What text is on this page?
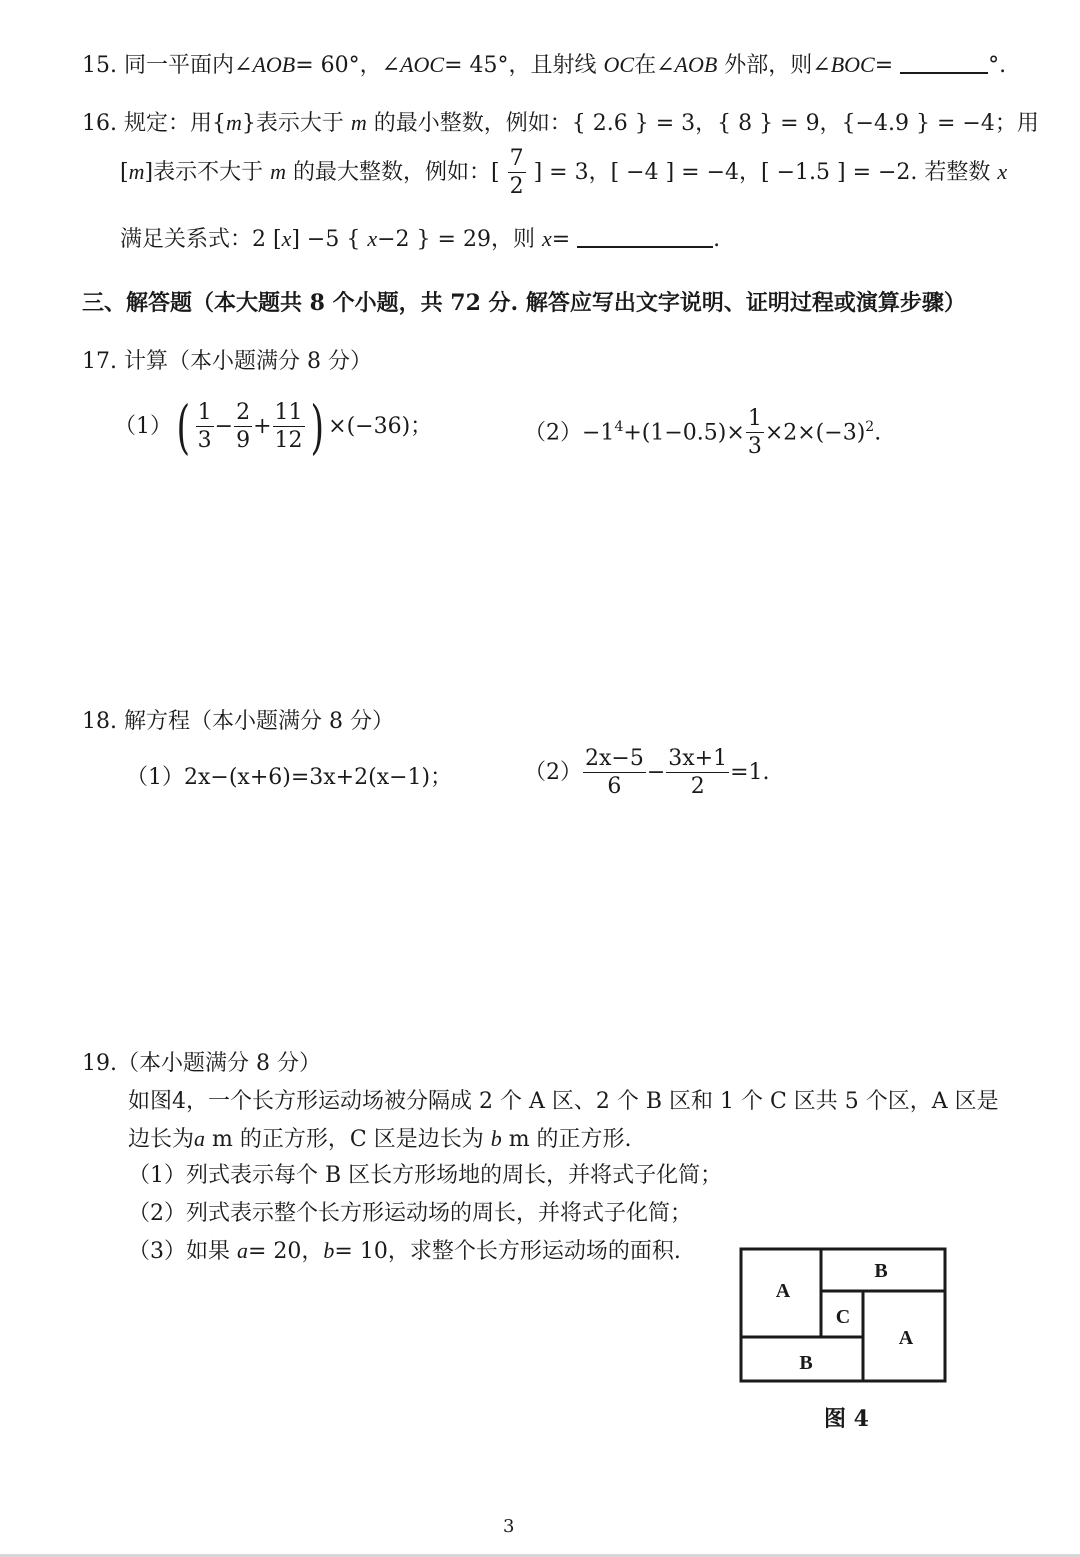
15. 同一平面内∠AOB= 60°，∠AOC= 45°，且射线 OC在∠AOB 外部，则∠BOC=	°.
16. 规定：用{m}表示大于 m 的最小整数，例如：{ 2.6 } = 3，{ 8 } = 9，{−4.9 } = −4；用
[m]表示不大于 m 的最大整数，例如：[ $\frac{7}{2}$ ] = 3，[ −4 ] = −4，[ −1.5 ] = −2. 若整数 x
满足关系式：2 [x] −5 { x−2 } = 29，则 x=	.
三、解答题（本大题共 8 个小题，共 72 分. 解答应写出文字说明、证明过程或演算步骤）
17. 计算（本小题满分 8 分）
$(1)( \frac{1}{3} - \frac{2}{9} + \frac{11}{12}$ ) ×(−36)；	$(2)-1^4+(1-0.5)\times \frac{1}{3} \times 2\times(-3)^2$.
18. 解方程（本小题满分 8 分）
（1）2x−(x+6)=3x+2(x−1)；	$(2) \frac{2x-5}{6} - \frac{3x+1}{2} =1$.
19.（本小题满分 8 分）
如图4，一个长方形运动场被分隔成 2 个 A 区、2 个 B 区和 1 个 C 区共 5 个区，A 区是
边长为a m 的正方形，C 区是边长为 b m 的正方形.
（1）列式表示每个 B 区长方形场地的周长，并将式子化简；
（2）列式表示整个长方形运动场的周长，并将式子化简；
（3）如果 a= 20，b= 10，求整个长方形运动场的面积.
A
B
C
A
B
图 4
3
